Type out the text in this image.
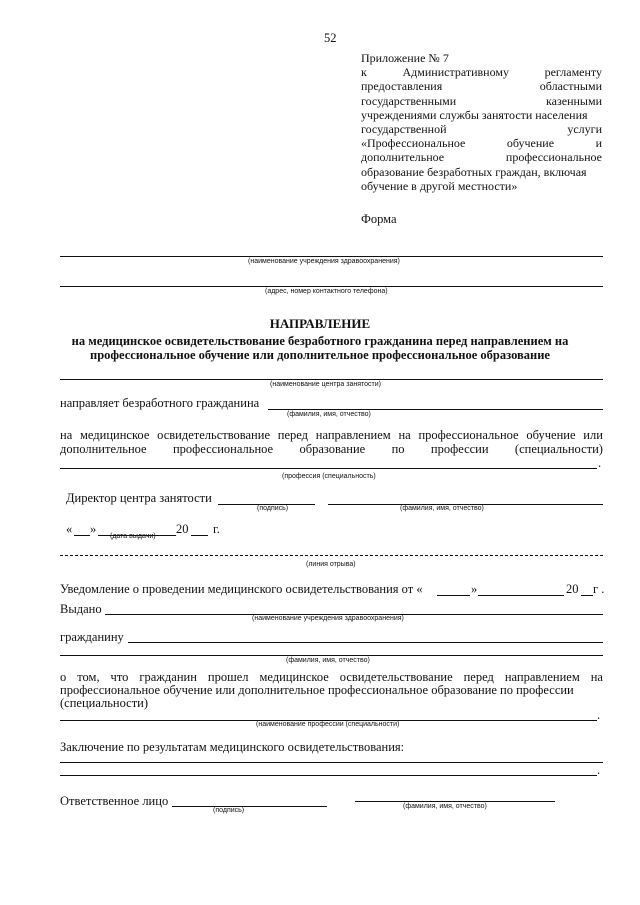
52
Приложение № 7
к	Административному	регламенту
предоставления	областными
государственными	казенными
учреждениями службы занятости населения
государственной	услуги
«Профессиональное	обучение	и
дополнительное	профессиональное
образование безработных граждан, включая
обучение в другой местности»
Форма
(наименование учреждения здравоохранения)
(адрес, номер контактного телефона)
НАПРАВЛЕНИЕ
на медицинское освидетельствование безработного гражданина перед направлением на
профессиональное обучение или дополнительное профессиональное образование
(наименование центра занятости)
направляет безработного гражданина
(фамилия, имя, отчество)
на медицинское освидетельствование перед направлением на профессиональное обучение или
дополнительное профессиональное образование по профессии (специальности)
.
(профессия (специальность)
Директор центра занятости
(подпись)	(фамилия, имя, отчество)
« »	20 г.
(дата выдачи)
(линия отрыва)
Уведомление о проведении медицинского освидетельствования от «	»	20 г .
Выдано
(наименование учреждения здравоохранения)
гражданину
(фамилия, имя, отчество)
о том, что гражданин прошел медицинское освидетельствование перед направлением на
профессиональное обучение или дополнительное профессиональное образование по профессии
(специальности)
.
(наименование профессии (специальности)
Заключение по результатам медицинского освидетельствования:
.
Ответственное лицо
(подпись)
(фамилия, имя, отчество)
